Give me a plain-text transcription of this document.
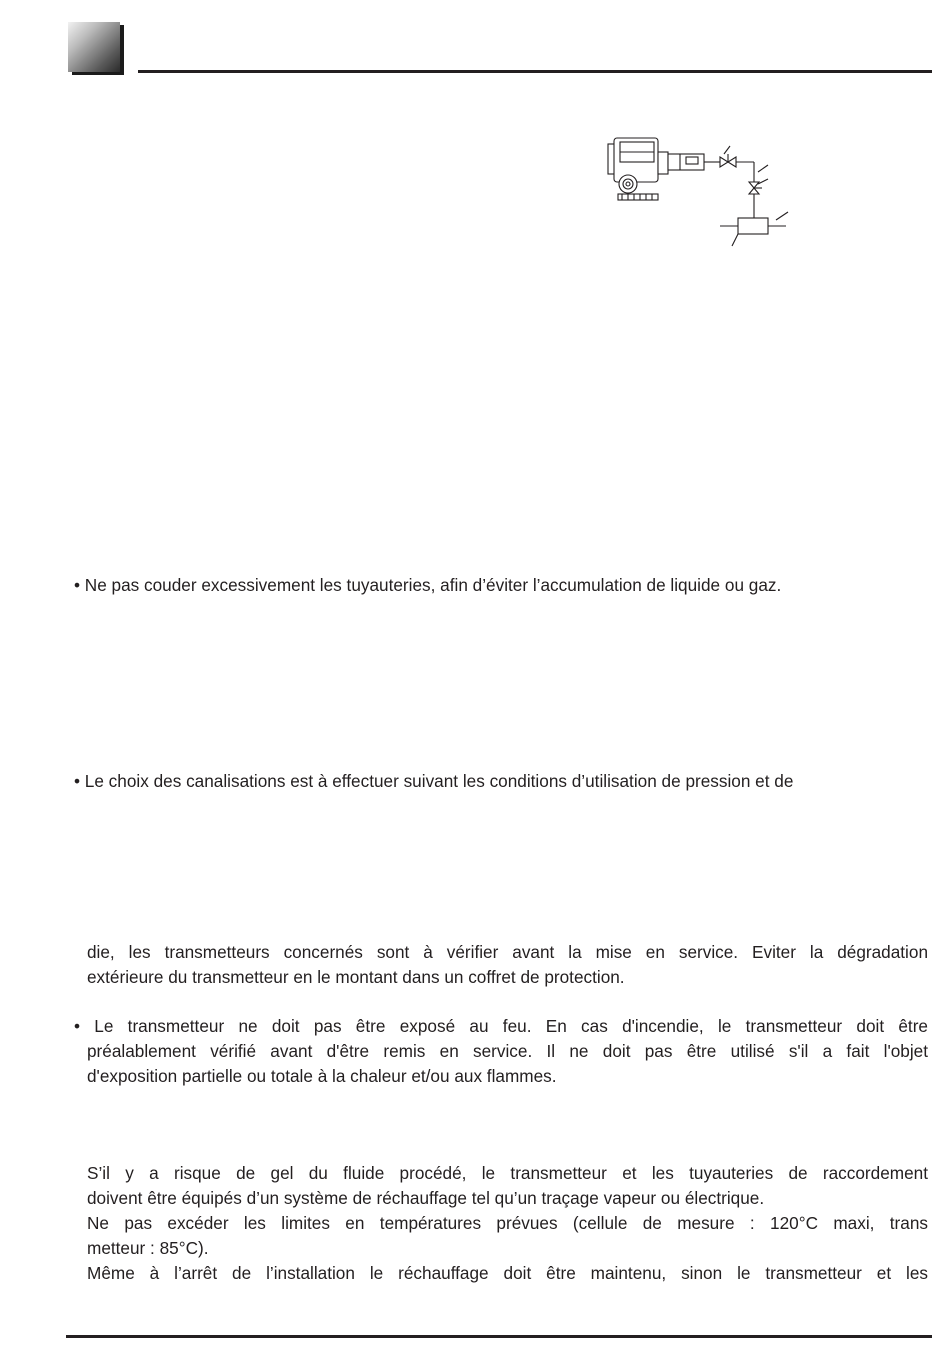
• Ne pas couder excessivement les tuyauteries, afin d’éviter l’accumulation de liquide ou gaz.

• Le choix des canalisations est à effectuer suivant les conditions d’utilisation de pression et de

die, les transmetteurs concernés sont à vérifier avant la mise en service. Eviter la dégradation
extérieure du transmetteur en le montant dans un coffret de protection.
• Le transmetteur ne doit pas être exposé au feu. En cas d'incendie, le transmetteur doit être
préalablement vérifié avant d'être remis en service. Il ne doit pas être utilisé s'il a fait l'objet
d'exposition partielle ou totale à la chaleur et/ou aux flammes.
S’il y a risque de gel du fluide procédé, le transmetteur et les tuyauteries de raccordement
doivent être équipés d’un système de réchauffage tel qu’un traçage vapeur ou électrique.
Ne pas excéder les limites en températures prévues (cellule de mesure : 120°C maxi, trans
metteur : 85°C).
Même à l’arrêt de l’installation le réchauffage doit être maintenu, sinon le transmetteur et les
